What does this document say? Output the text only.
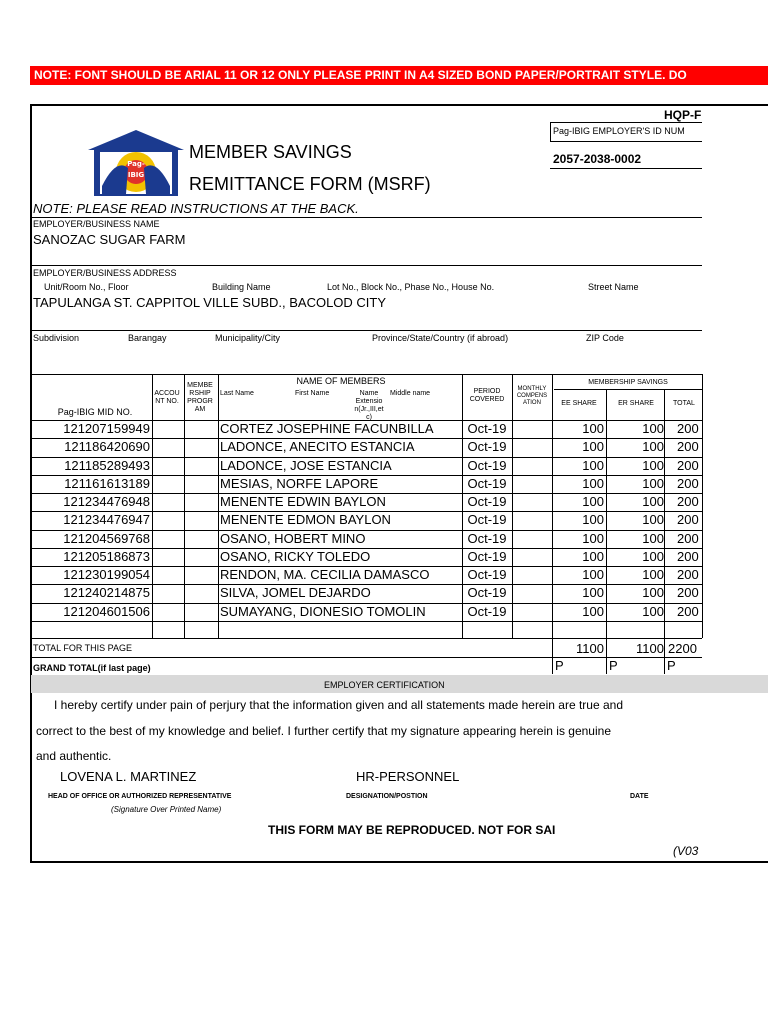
NOTE: FONT SHOULD BE ARIAL 11 OR 12 ONLY PLEASE PRINT IN A4 SIZED BOND PAPER/PORTRAIT STYLE. DO
HQP-F
Pag-IBIG EMPLOYER'S ID NUM
2057-2038-0002
Pag-
IBIG
MEMBER SAVINGS
REMITTANCE FORM (MSRF)
NOTE: PLEASE READ INSTRUCTIONS AT THE BACK.
EMPLOYER/BUSINESS NAME
SANOZAC SUGAR FARM
EMPLOYER/BUSINESS ADDRESS
Unit/Room No., Floor	Building Name	Lot No., Block No., Phase No., House No.	Street Name
TAPULANGA ST. CAPPITOL VILLE SUBD., BACOLOD CITY
Subdivision	Barangay	Municipality/City	Province/State/Country (if abroad)	ZIP Code
Pag-IBIG MID NO.
ACCOU NT NO.
MEMBE RSHIP PROGR AM
NAME OF MEMBERS
Last Name	First Name	Name Extensio n(Jr.,III,et c)
Middle name	PERIOD COVERED
MONTHLY COMPENS ATION
MEMBERSHIP SAVINGS
EE SHARE	ER SHARE	TOTAL
121207159949	CORTEZ JOSEPHINE FACUNBILLA	Oct-19	100	100 200
121186420690	LADONCE, ANECITO ESTANCIA	Oct-19	100	100 200
121185289493	LADONCE, JOSE ESTANCIA	Oct-19	100	100 200
121161613189	MESIAS, NORFE LAPORE	Oct-19	100	100 200
121234476948	MENENTE EDWIN BAYLON	Oct-19	100	100 200
121234476947	MENENTE EDMON BAYLON	Oct-19	100	100 200
121204569768	OSANO, HOBERT MINO	Oct-19	100	100 200
121205186873	OSANO, RICKY TOLEDO	Oct-19	100	100 200
121230199054	RENDON, MA. CECILIA DAMASCO	Oct-19	100	100 200
121240214875	SILVA, JOMEL DEJARDO	Oct-19	100	100 200
121204601506	SUMAYANG, DIONESIO TOMOLIN	Oct-19	100	100 200
TOTAL FOR THIS PAGE	1100	1100 2200
GRAND TOTAL(if last page)	P	P	P
EMPLOYER CERTIFICATION
I hereby certify under pain of perjury that the information given and all statements made herein are true and
correct to the best of my knowledge and belief. I further certify that my signature appearing herein is genuine
and authentic.
LOVENA L. MARTINEZ	HR-PERSONNEL
HEAD OF OFFICE OR AUTHORIZED REPRESENTATIVE
(Signature Over Printed Name)
DESIGNATION/POSTION	DATE
THIS FORM MAY BE REPRODUCED. NOT FOR SAI
(V03
